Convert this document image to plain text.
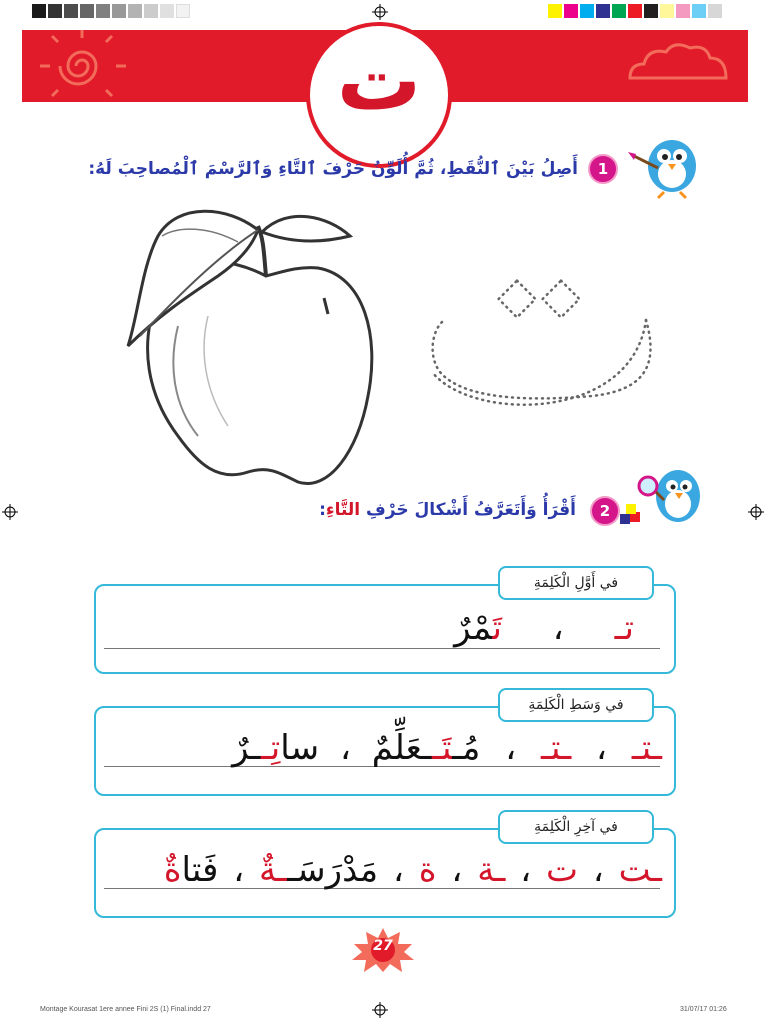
ت
1
أَصِلُ بَيْنَ ٱلنُّقَطِ، ثُمَّ أُلَوِّنُ حَرْفَ ٱلتَّاءِ وَٱلرَّسْمَ ٱلْمُصاحِبَ لَهُ:
2
أَقْرَأُ وَأَتَعَرَّفُ أَشْكالَ حَرْفِ التَّاءِ:
في أَوَّلِ الْكَلِمَةِ
تـ ، تَمْرٌ
في وَسَطِ الْكَلِمَةِ
ـتـ ، ـتـ ، مُـتَــعَلِّمٌ ، ساتِــرٌ
في آخِرِ الْكَلِمَةِ
ـت ، ت ، ـة ، ة ، مَدْرَسَــةٌ ، فَتاةٌ
27
Montage Kourasat 1ere annee Fini 2S (1) Final.indd 27	31/07/17 01:26
